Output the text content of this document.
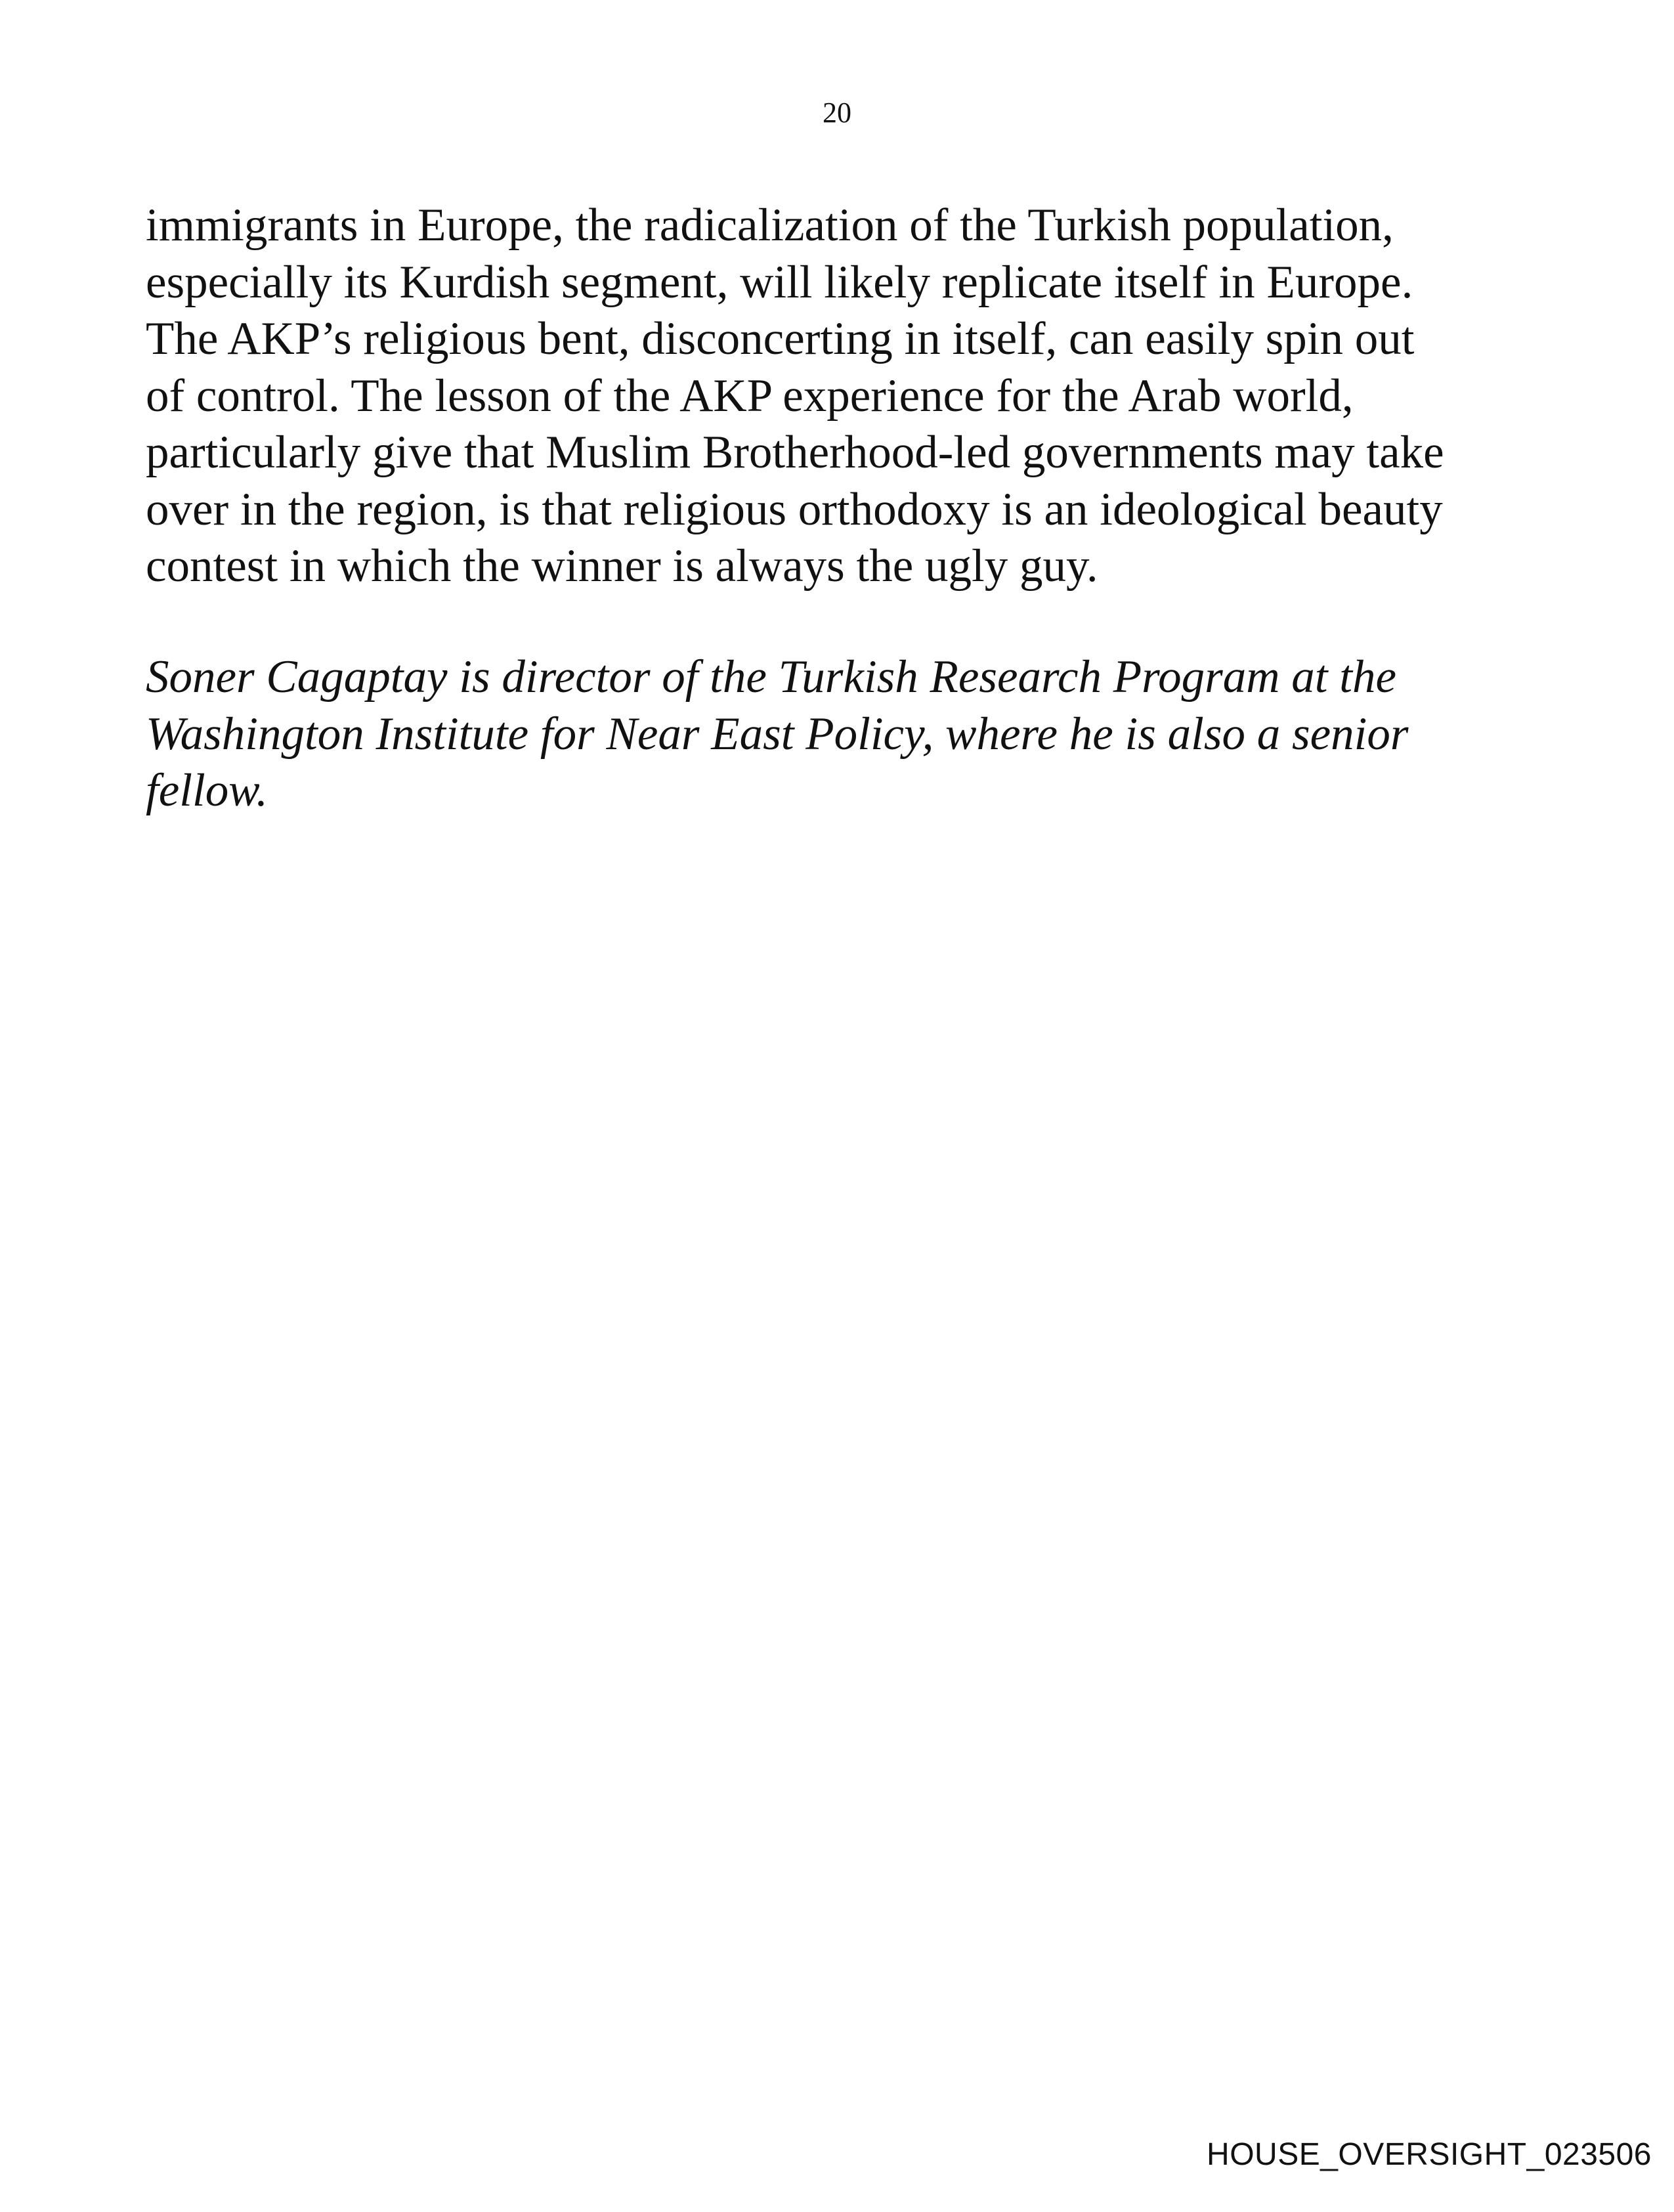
20

immigrants in Europe, the radicalization of the Turkish population,
especially its Kurdish segment, will likely replicate itself in Europe.
The AKP’s religious bent, disconcerting in itself, can easily spin out
of control. The lesson of the AKP experience for the Arab world,
particularly give that Muslim Brotherhood-led governments may take
over in the region, is that religious orthodoxy is an ideological beauty
contest in which the winner is always the ugly guy.

Soner Cagaptay is director of the Turkish Research Program at the
Washington Institute for Near East Policy, where he is also a senior
fellow.

HOUSE_OVERSIGHT_023506
